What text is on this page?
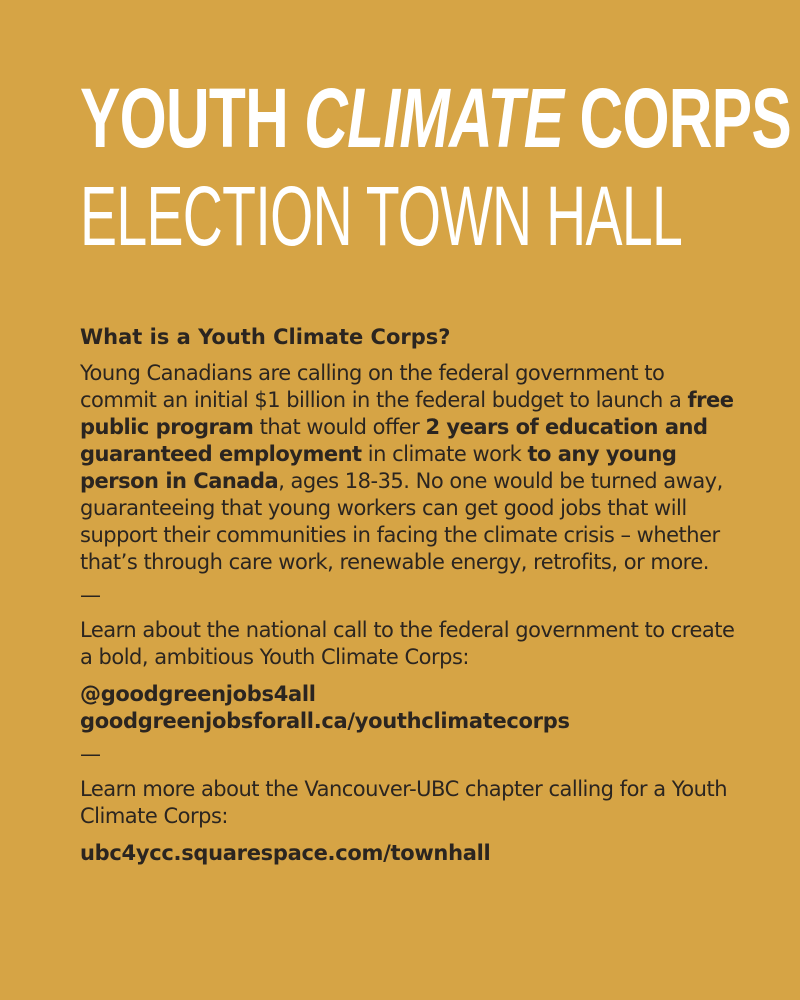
YOUTH CLIMATE CORPS
ELECTION TOWN HALL

What is a Youth Climate Corps?

Young Canadians are calling on the federal government to commit an initial $1 billion in the federal budget to launch a free public program that would offer 2 years of education and guaranteed employment in climate work to any young person in Canada, ages 18-35. No one would be turned away, guaranteeing that young workers can get good jobs that will support their communities in facing the climate crisis – whether that’s through care work, renewable energy, retrofits, or more.

—

Learn about the national call to the federal government to create a bold, ambitious Youth Climate Corps:

@goodgreenjobs4all

goodgreenjobsforall.ca/youthclimatecorps

—

Learn more about the Vancouver-UBC chapter calling for a Youth Climate Corps:

ubc4ycc.squarespace.com/townhall
